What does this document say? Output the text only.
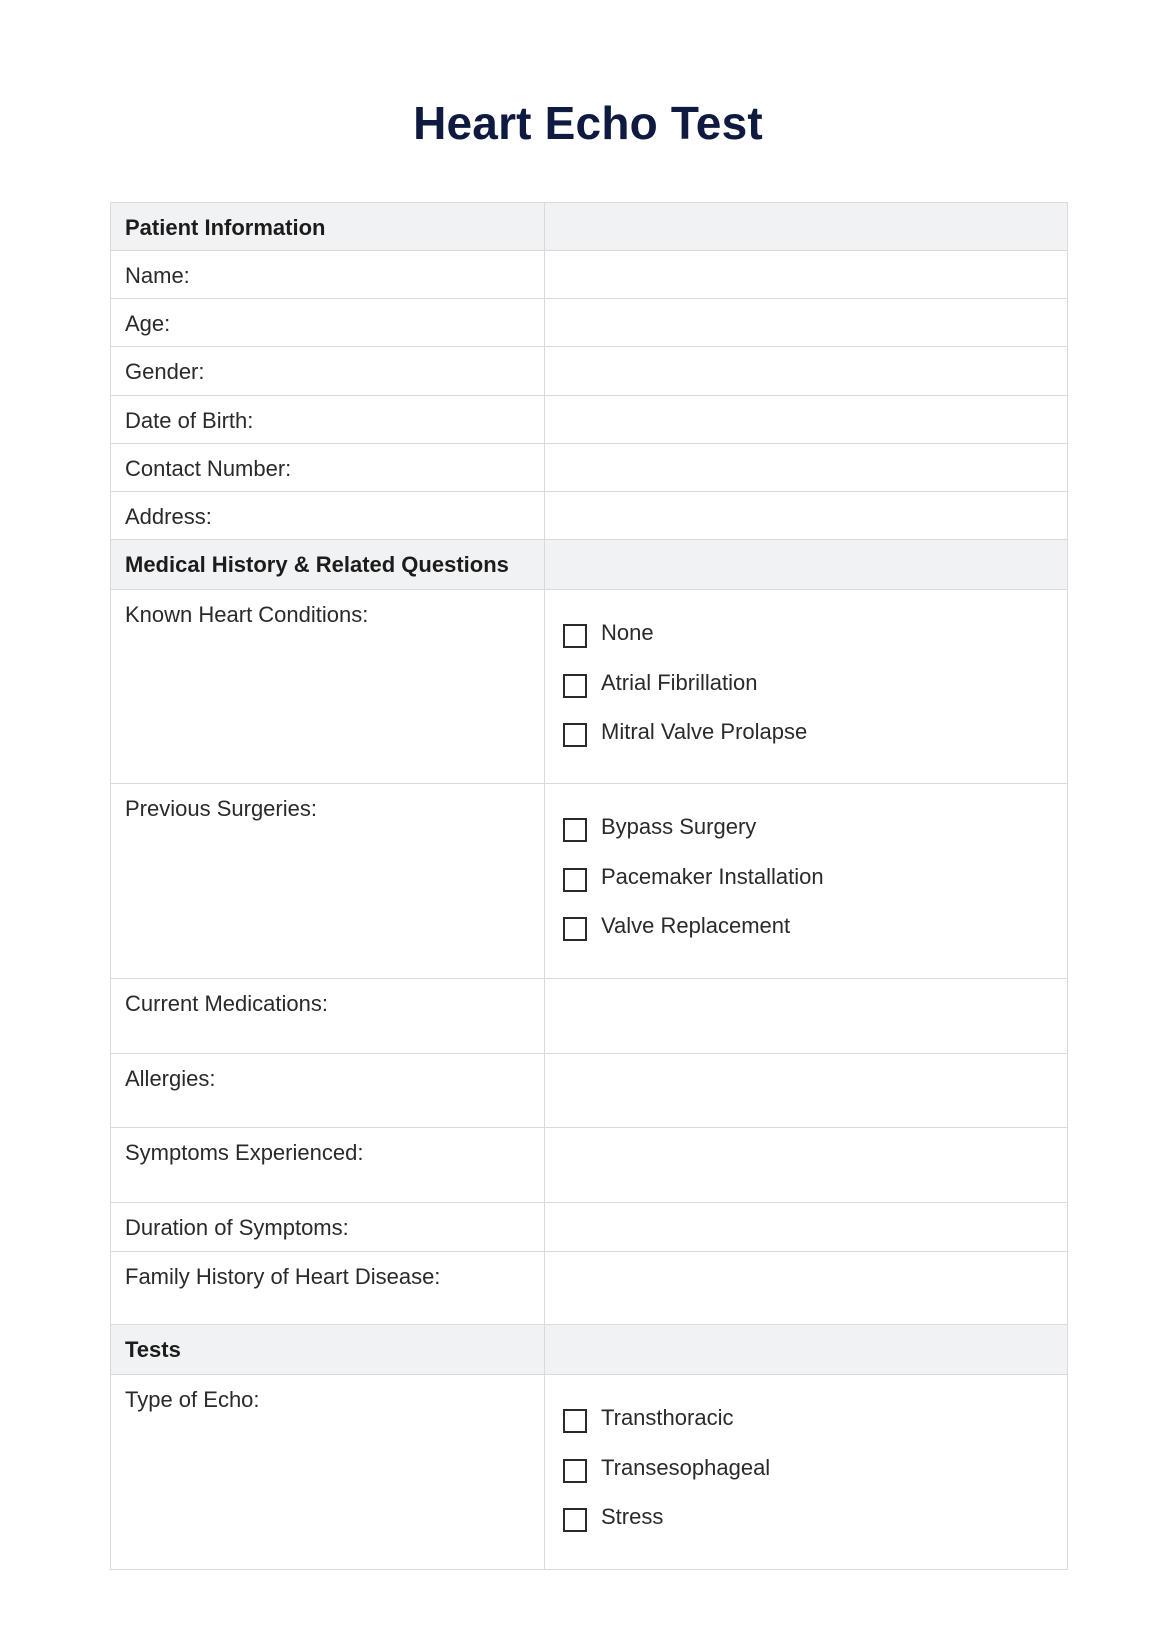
Heart Echo Test
Patient Information	

Name:	

Age:	

Gender:	

Date of Birth:	

Contact Number:	

Address:	

Medical History & Related Questions	

Known Heart Conditions:	None
Atrial Fibrillation
Mitral Valve Prolapse

Previous Surgeries:	Bypass Surgery
Pacemaker Installation
Valve Replacement

Current Medications:	

Allergies:	

Symptoms Experienced:	

Duration of Symptoms:	

Family History of Heart Disease:	

Tests	

Type of Echo:	Transthoracic
Transesophageal
Stress
